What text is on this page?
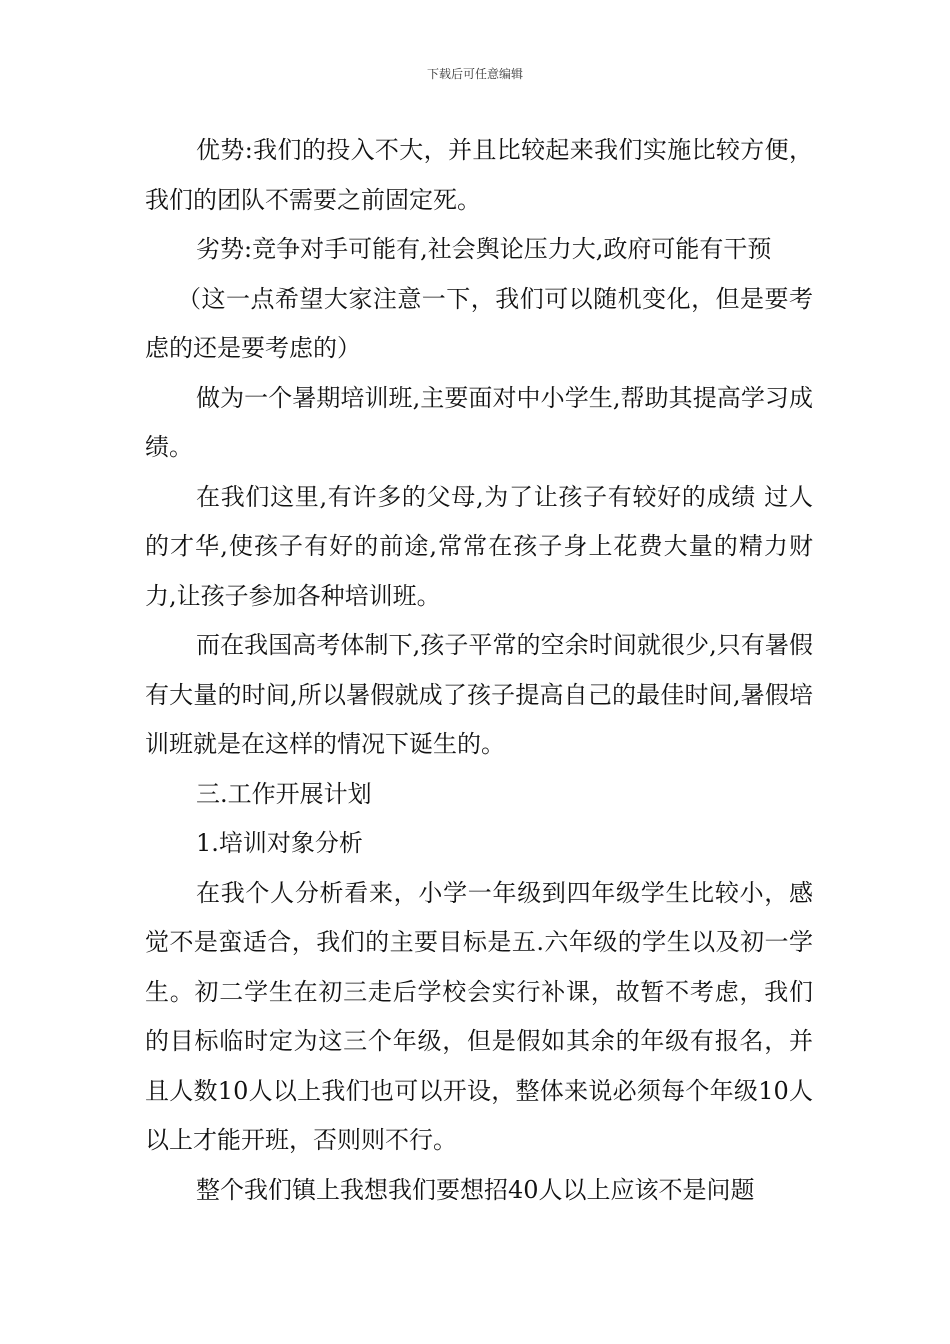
下载后可任意编辑

优势:我们的投入不大，并且比较起来我们实施比较方便，我们的团队不需要之前固定死。

劣势:竞争对手可能有,社会舆论压力大,政府可能有干预

（这一点希望大家注意一下，我们可以随机变化，但是要考虑的还是要考虑的）

做为一个暑期培训班,主要面对中小学生,帮助其提高学习成绩。

在我们这里,有许多的父母,为了让孩子有较好的成绩 过人的才华,使孩子有好的前途,常常在孩子身上花费大量的精力财力,让孩子参加各种培训班。

而在我国高考体制下,孩子平常的空余时间就很少,只有暑假有大量的时间,所以暑假就成了孩子提高自己的最佳时间,暑假培训班就是在这样的情况下诞生的。

三.工作开展计划

1.培训对象分析

在我个人分析看来，小学一年级到四年级学生比较小，感觉不是蛮适合，我们的主要目标是五.六年级的学生以及初一学生。初二学生在初三走后学校会实行补课，故暂不考虑，我们的目标临时定为这三个年级，但是假如其余的年级有报名，并且人数10人以上我们也可以开设，整体来说必须每个年级10人以上才能开班，否则则不行。

整个我们镇上我想我们要想招40人以上应该不是问题
